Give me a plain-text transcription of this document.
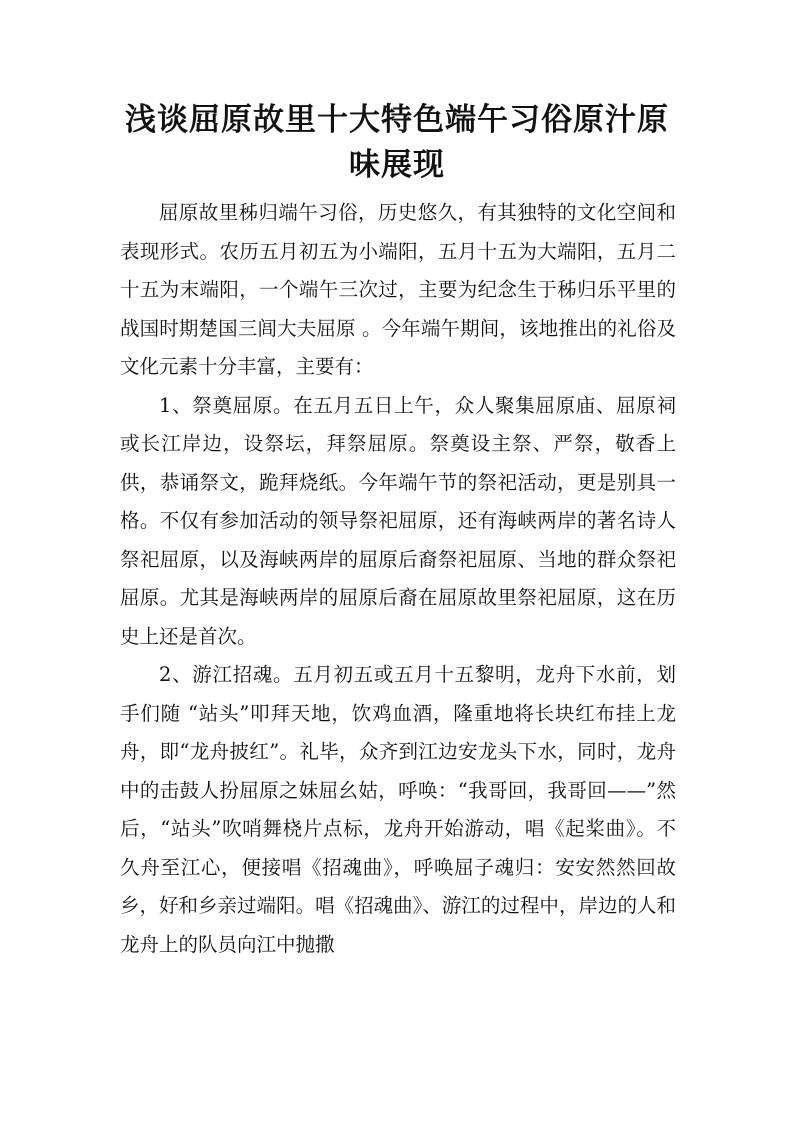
浅谈屈原故里十大特色端午习俗原汁原味展现

屈原故里秭归端午习俗，历史悠久，有其独特的文化空间和表现形式。农历五月初五为小端阳，五月十五为大端阳，五月二十五为末端阳，一个端午三次过，主要为纪念生于秭归乐平里的战国时期楚国三闾大夫屈原 。今年端午期间，该地推出的礼俗及文化元素十分丰富，主要有：

1、祭奠屈原。在五月五日上午，众人聚集屈原庙、屈原祠或长江岸边，设祭坛，拜祭屈原。祭奠设主祭、严祭，敬香上供，恭诵祭文，跪拜烧纸。今年端午节的祭祀活动，更是别具一格。不仅有参加活动的领导祭祀屈原，还有海峡两岸的著名诗人祭祀屈原，以及海峡两岸的屈原后裔祭祀屈原、当地的群众祭祀屈原。尤其是海峡两岸的屈原后裔在屈原故里祭祀屈原，这在历史上还是首次。

2、游江招魂。五月初五或五月十五黎明，龙舟下水前，划手们随 “站头”叩拜天地，饮鸡血酒，隆重地将长块红布挂上龙舟，即“龙舟披红”。礼毕，众齐到江边安龙头下水，同时，龙舟中的击鼓人扮屈原之妹屈幺姑，呼唤：“我哥回，我哥回——”然后，“站头”吹哨舞桡片点标，龙舟开始游动，唱《起桨曲》。不久舟至江心，便接唱《招魂曲》，呼唤屈子魂归：安安然然回故乡，好和乡亲过端阳。唱《招魂曲》、游江的过程中，岸边的人和龙舟上的队员向江中抛撒
